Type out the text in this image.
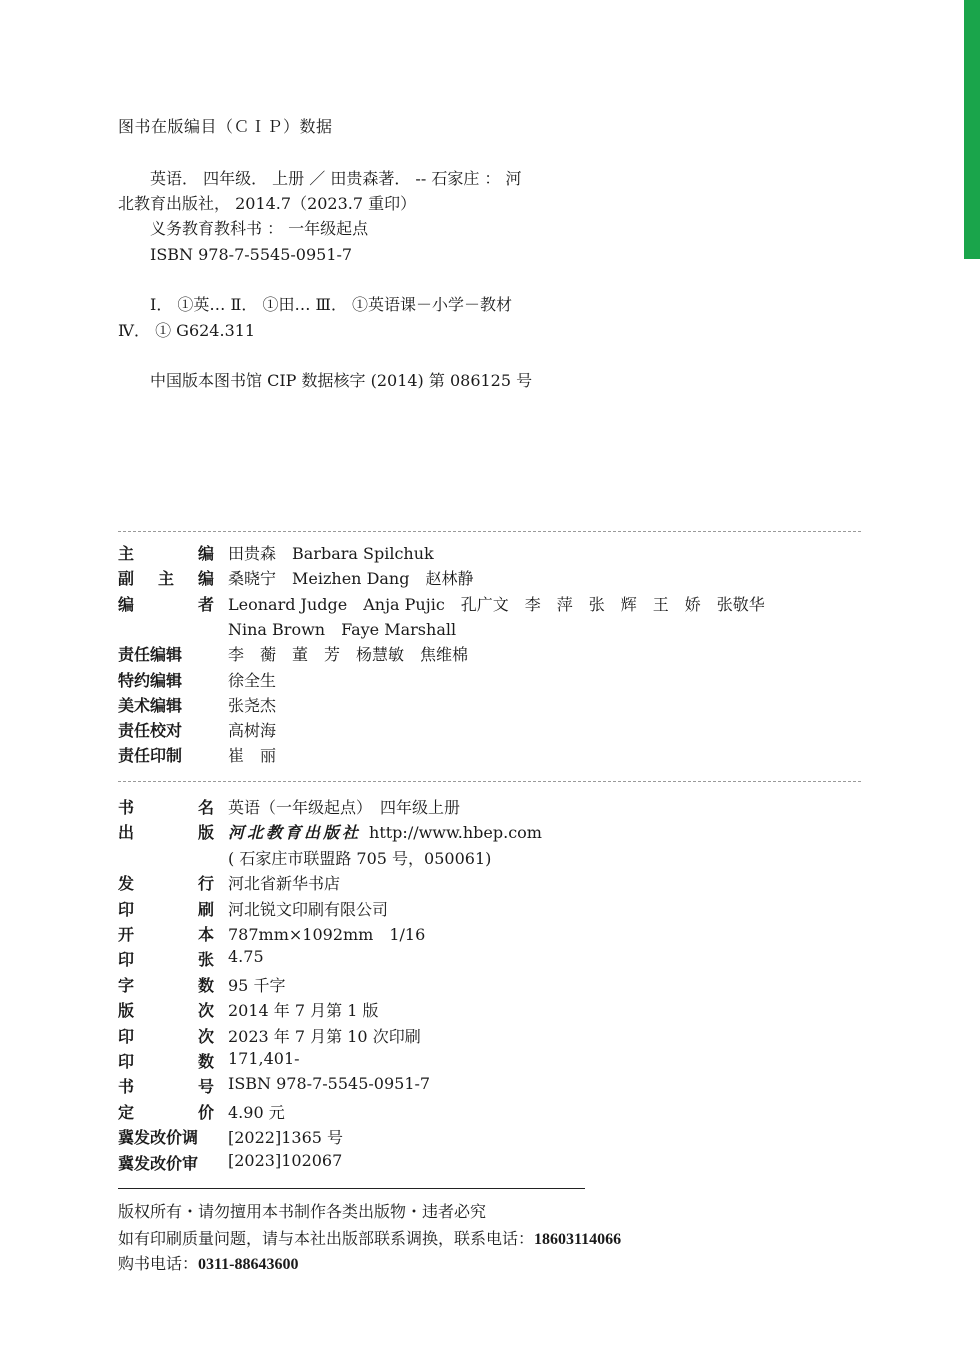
图书在版编目（ＣＩＰ）数据
　　英语． 四年级． 上册 ／ 田贵森著． -- 石家庄 ： 河
北教育出版社， 2014.7（2023.7 重印）
　　义务教育教科书 ： 一年级起点
　　ISBN 978-7-5545-0951-7
　　Ⅰ． ①英… Ⅱ． ①田… Ⅲ． ①英语课－小学－教材
Ⅳ． ① G624.311
　　中国版本图书馆 CIP 数据核字 (2014) 第 086125 号
主	编 田贵森　Barbara Spilchuk
副 主 编 桑晓宁　Meizhen Dang　赵林静
编	者 Leonard Judge　Anja Pujic　孔广文　李　萍　张　辉　王　娇　张敬华
Nina Brown　Faye Marshall
责任编辑	李　蘅　董　芳　杨慧敏　焦维棉
特约编辑	徐全生
美术编辑	张尧杰
责任校对	高树海
责任印制	崔　丽
书	名 英语（一年级起点）　四年级上册
出	版 河北教育出版社 http://www.hbep.com
( 石家庄市联盟路 705 号，050061)
发	行 河北省新华书店
印	刷 河北锐文印刷有限公司
开	本 787mm×1092mm　1/16
印	张 4.75
字	数 95 千字
版	次 2014 年 7 月第 1 版
印	次 2023 年 7 月第 10 次印刷
印	数 171,401-
书	号 ISBN 978-7-5545-0951-7
定	价 4.90 元
冀发改价调	[2022]1365 号
冀发改价审	[2023]102067
版权所有・请勿擅用本书制作各类出版物・违者必究
如有印刷质量问题，请与本社出版部联系调换，联系电话：18603114066
购书电话：0311-88643600
